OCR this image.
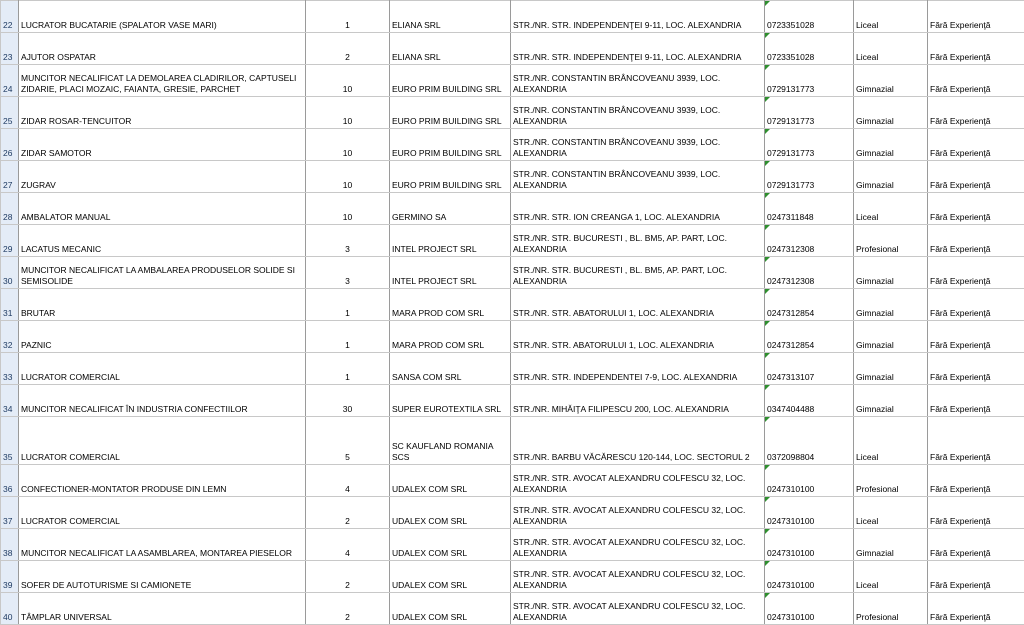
22	LUCRATOR BUCATARIE (SPALATOR VASE MARI)	1	ELIANA SRL	STR./NR. STR. INDEPENDENŢEI 9-11, LOC. ALEXANDRIA	0723351028	Liceal	Fără Experienţă
23	AJUTOR OSPATAR	2	ELIANA SRL	STR./NR. STR. INDEPENDENŢEI 9-11, LOC. ALEXANDRIA	0723351028	Liceal	Fără Experienţă
24	MUNCITOR NECALIFICAT LA DEMOLAREA CLADIRILOR, CAPTUSELI ZIDARIE, PLACI MOZAIC, FAIANTA, GRESIE, PARCHET	10	EURO PRIM BUILDING SRL	STR./NR. CONSTANTIN BRÂNCOVEANU 3939, LOC. ALEXANDRIA	0729131773	Gimnazial	Fără Experienţă
25	ZIDAR ROSAR-TENCUITOR	10	EURO PRIM BUILDING SRL	STR./NR. CONSTANTIN BRÂNCOVEANU 3939, LOC. ALEXANDRIA	0729131773	Gimnazial	Fără Experienţă
26	ZIDAR SAMOTOR	10	EURO PRIM BUILDING SRL	STR./NR. CONSTANTIN BRÂNCOVEANU 3939, LOC. ALEXANDRIA	0729131773	Gimnazial	Fără Experienţă
27	ZUGRAV	10	EURO PRIM BUILDING SRL	STR./NR. CONSTANTIN BRÂNCOVEANU 3939, LOC. ALEXANDRIA	0729131773	Gimnazial	Fără Experienţă
28	AMBALATOR MANUAL	10	GERMINO SA	STR./NR. STR. ION CREANGA 1, LOC. ALEXANDRIA	0247311848	Liceal	Fără Experienţă
29	LACATUS MECANIC	3	INTEL PROJECT SRL	STR./NR. STR. BUCURESTI , BL. BM5, AP. PART, LOC. ALEXANDRIA	0247312308	Profesional	Fără Experienţă
30	MUNCITOR NECALIFICAT LA AMBALAREA PRODUSELOR SOLIDE SI SEMISOLIDE	3	INTEL PROJECT SRL	STR./NR. STR. BUCURESTI , BL. BM5, AP. PART, LOC. ALEXANDRIA	0247312308	Gimnazial	Fără Experienţă
31	BRUTAR	1	MARA PROD COM SRL	STR./NR. STR. ABATORULUI 1, LOC. ALEXANDRIA	0247312854	Gimnazial	Fără Experienţă
32	PAZNIC	1	MARA PROD COM SRL	STR./NR. STR. ABATORULUI 1, LOC. ALEXANDRIA	0247312854	Gimnazial	Fără Experienţă
33	LUCRATOR COMERCIAL	1	SANSA COM SRL	STR./NR. STR. INDEPENDENTEI 7-9, LOC. ALEXANDRIA	0247313107	Gimnazial	Fără Experienţă
34	MUNCITOR NECALIFICAT ÎN INDUSTRIA CONFECTIILOR	30	SUPER EUROTEXTILA SRL	STR./NR. MIHĂIŢA FILIPESCU 200, LOC. ALEXANDRIA	0347404488	Gimnazial	Fără Experienţă
35	LUCRATOR COMERCIAL	5	SC KAUFLAND ROMANIA SCS	STR./NR. BARBU VĂCĂRESCU 120-144, LOC. SECTORUL 2	0372098804	Liceal	Fără Experienţă
36	CONFECTIONER-MONTATOR PRODUSE DIN LEMN	4	UDALEX COM SRL	STR./NR. STR. AVOCAT ALEXANDRU COLFESCU 32, LOC. ALEXANDRIA	0247310100	Profesional	Fără Experienţă
37	LUCRATOR COMERCIAL	2	UDALEX COM SRL	STR./NR. STR. AVOCAT ALEXANDRU COLFESCU 32, LOC. ALEXANDRIA	0247310100	Liceal	Fără Experienţă
38	MUNCITOR NECALIFICAT LA ASAMBLAREA, MONTAREA PIESELOR	4	UDALEX COM SRL	STR./NR. STR. AVOCAT ALEXANDRU COLFESCU 32, LOC. ALEXANDRIA	0247310100	Gimnazial	Fără Experienţă
39	SOFER DE AUTOTURISME SI CAMIONETE	2	UDALEX COM SRL	STR./NR. STR. AVOCAT ALEXANDRU COLFESCU 32, LOC. ALEXANDRIA	0247310100	Liceal	Fără Experienţă
40	TÂMPLAR UNIVERSAL	2	UDALEX COM SRL	STR./NR. STR. AVOCAT ALEXANDRU COLFESCU 32, LOC. ALEXANDRIA	0247310100	Profesional	Fără Experienţă
